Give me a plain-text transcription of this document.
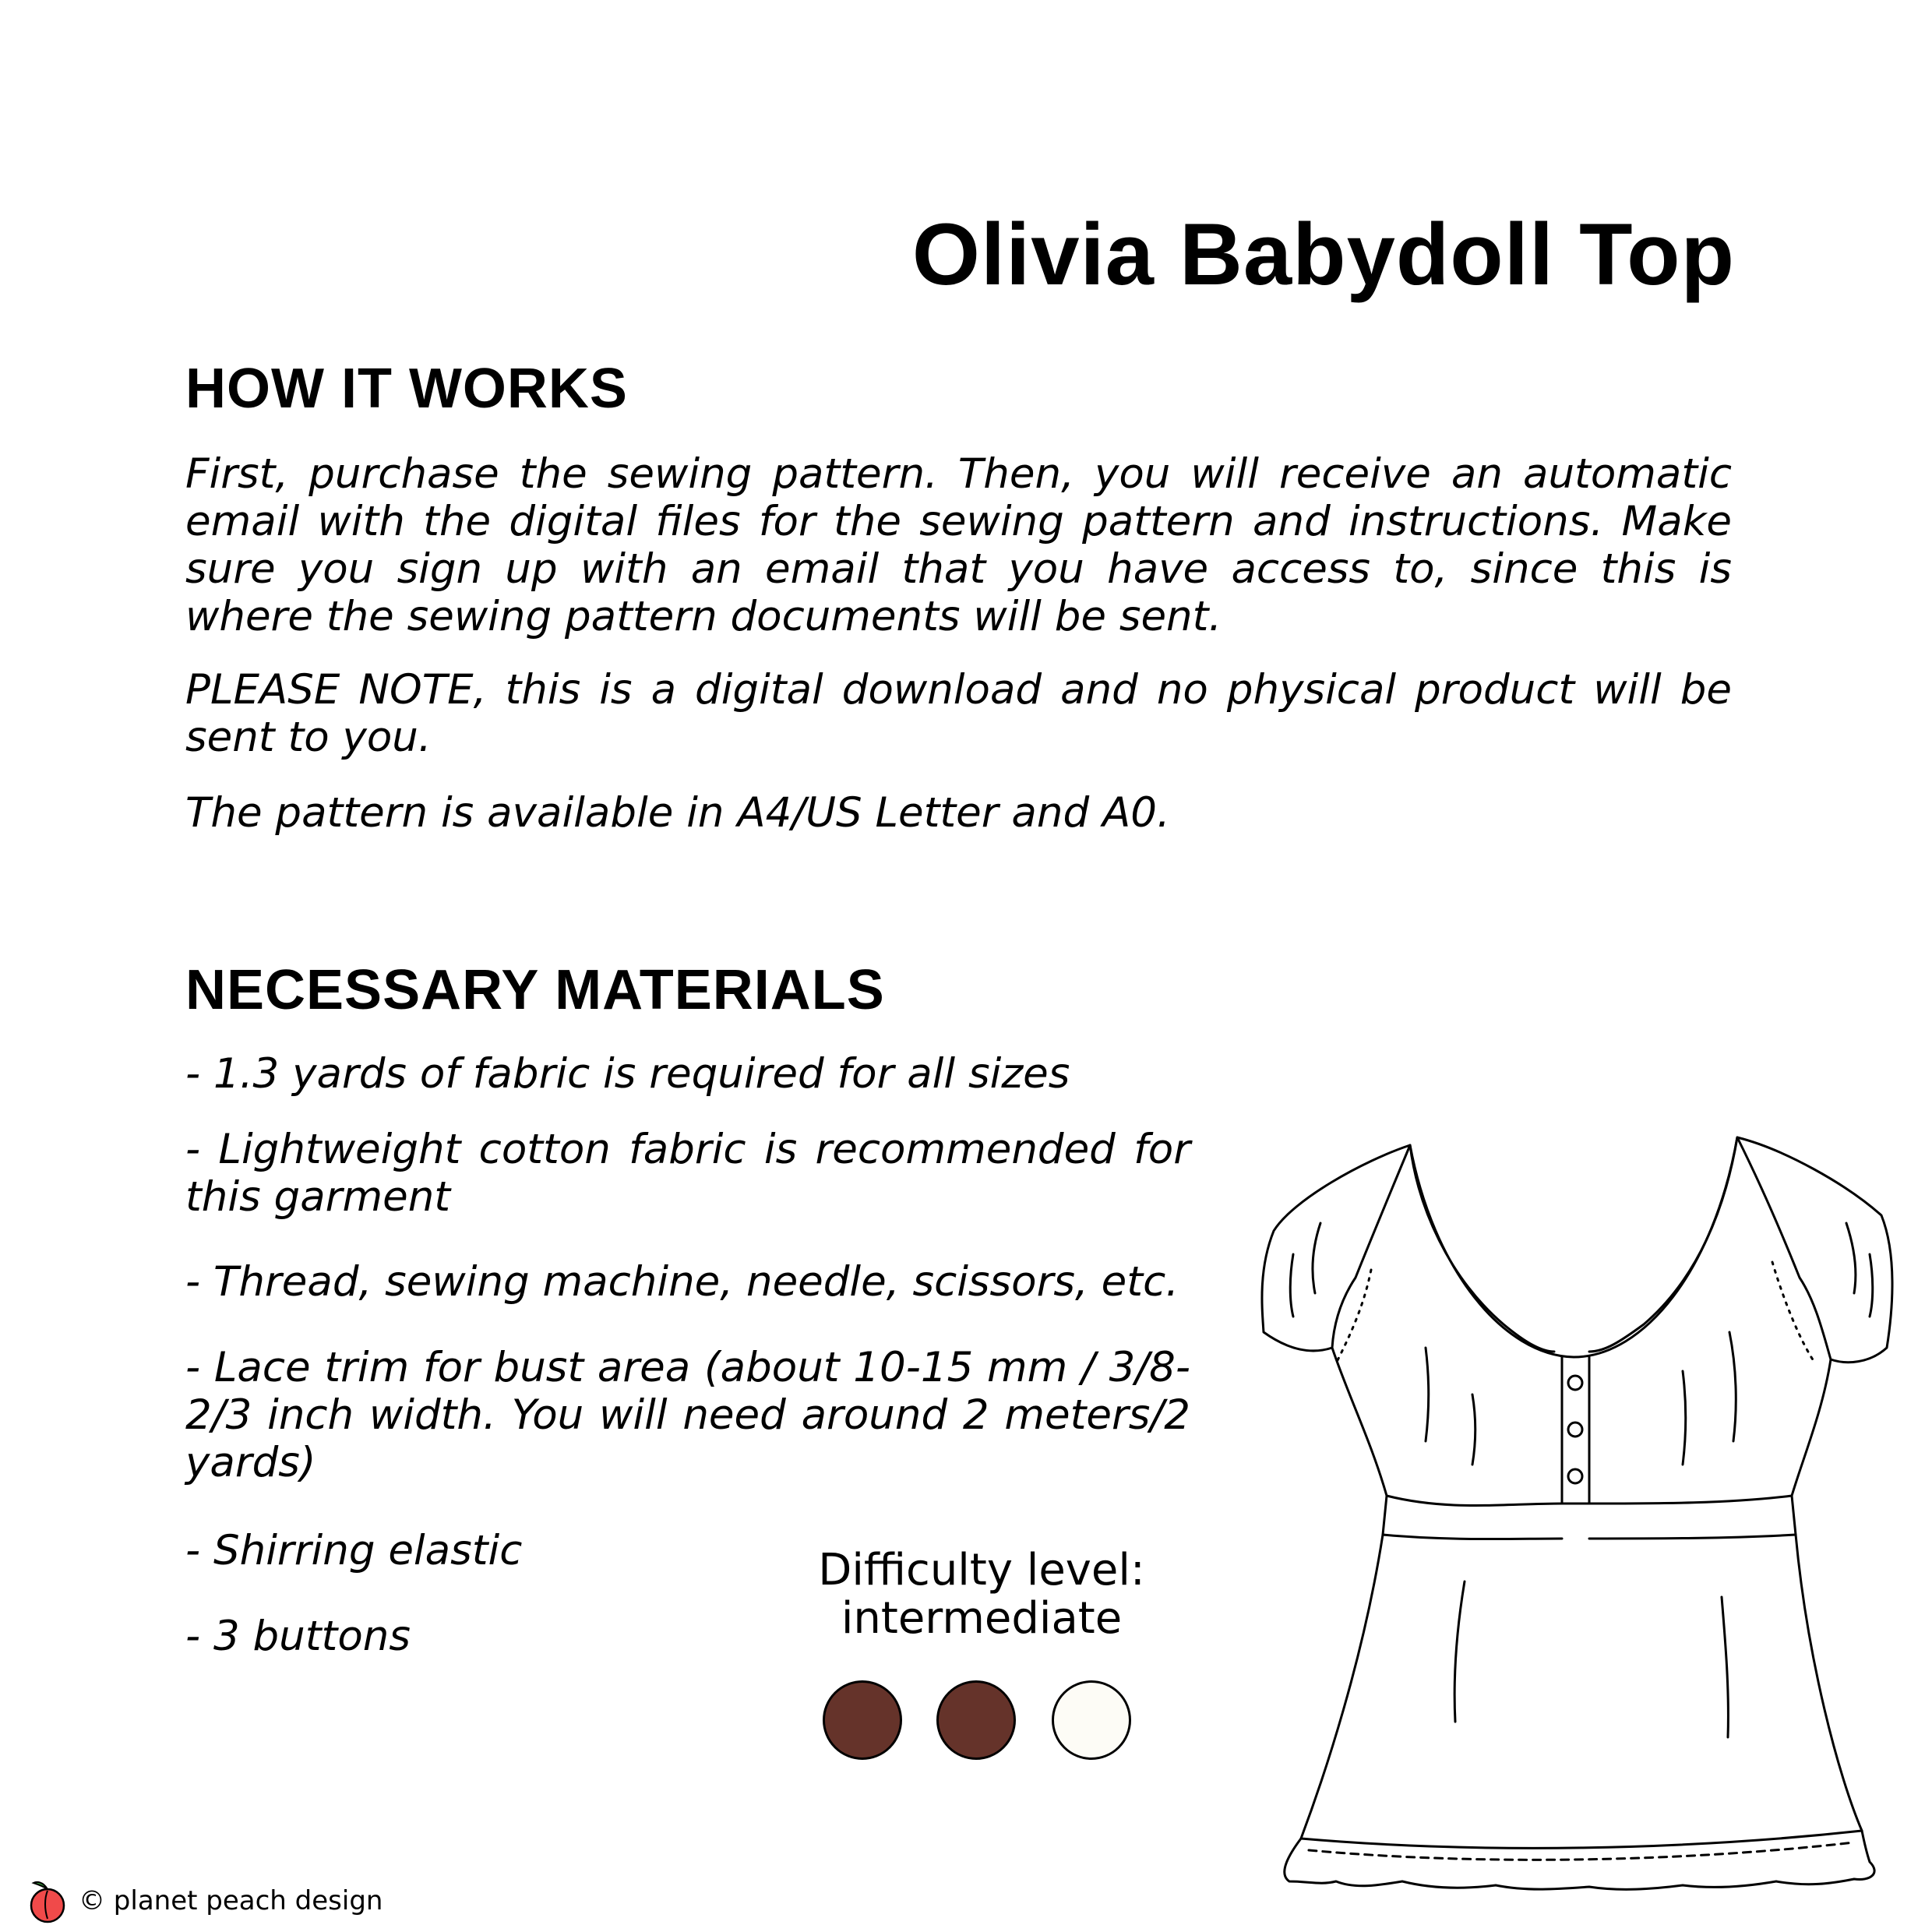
Olivia Babydoll Top
HOW IT WORKS

First, purchase the sewing pattern. Then, you will receive an automatic email with the digital files for the sewing pattern and instructions. Make sure you sign up with an email that you have access to, since this is where the sewing pattern documents will be sent.

PLEASE NOTE, this is a digital download and no physical product will be sent to you.

The pattern is available in A4/US Letter and A0.

NECESSARY MATERIALS

- 1.3 yards of fabric is required for all sizes

- Lightweight cotton fabric is recommended for this garment

- Thread, sewing machine, needle, scissors, etc.

- Lace trim for bust area (about 10-15 mm / 3/8-2/3 inch width. You will need around 2 meters/2 yards)

- Shirring elastic

- 3 buttons

Difficulty level:
intermediate
© planet peach design
